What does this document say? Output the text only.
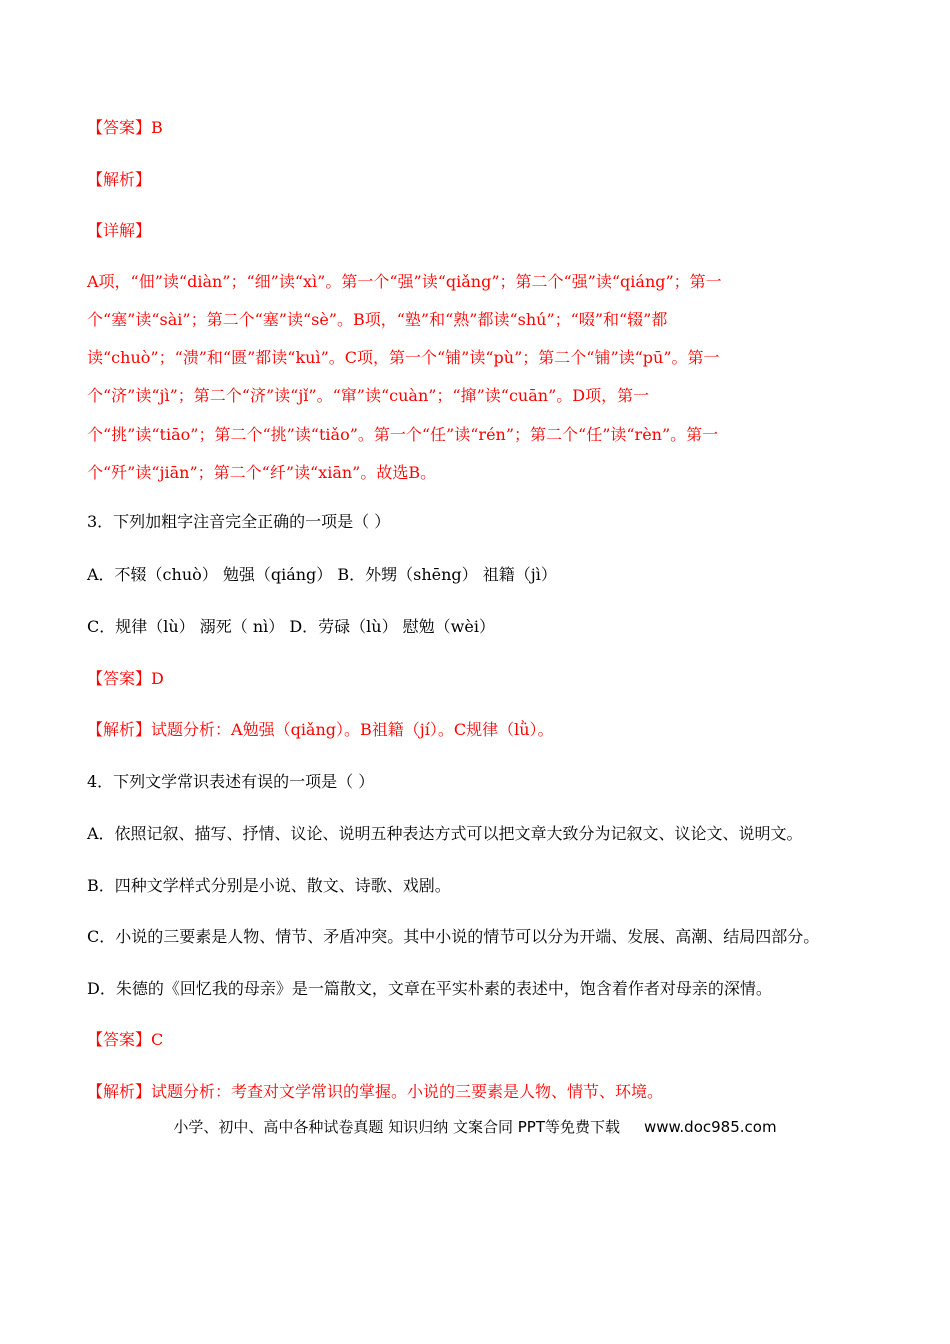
【答案】B
【解析】
【详解】
A项，“佃”读“diàn”；“细”读“xì”。第一个“强”读“qiǎng”；第二个“强”读“qiáng”；第一
个“塞”读“sài”；第二个“塞”读“sè”。B项，“塾”和“熟”都读“shú”；“啜”和“辍”都
读“chuò”；“溃”和“匮”都读“kuì”。C项，第一个“铺”读“pù”；第二个“铺”读“pū”。第一
个“济”读“jì”；第二个“济”读“jǐ”。“窜”读“cuàn”；“撺”读“cuān”。D项，第一
个“挑”读“tiāo”；第二个“挑”读“tiǎo”。第一个“任”读“rén”；第二个“任”读“rèn”。第一
个“歼”读“jiān”；第二个“纤”读“xiān”。故选B。
3．下列加粗字注音完全正确的一项是（ ）
A．不辍（chuò） 勉强（qiáng） B．外甥（shēng） 祖籍（jì）
C．规律（lù） 溺死（ nì） D．劳碌（lù） 慰勉（wèi）
【答案】D
【解析】试题分析：A勉强（qiǎng）。B祖籍（jí）。C规律（lǜ）。
4．下列文学常识表述有误的一项是（ ）
A．依照记叙、描写、抒情、议论、说明五种表达方式可以把文章大致分为记叙文、议论文、说明文。
B．四种文学样式分别是小说、散文、诗歌、戏剧。
C．小说的三要素是人物、情节、矛盾冲突。其中小说的情节可以分为开端、发展、高潮、结局四部分。
D．朱德的《回忆我的母亲》是一篇散文，文章在平实朴素的表述中，饱含着作者对母亲的深情。
【答案】C
【解析】试题分析：考查对文学常识的掌握。小说的三要素是人物、情节、环境。
小学、初中、高中各种试卷真题 知识归纳 文案合同 PPT等免费下载 www.doc985.com
